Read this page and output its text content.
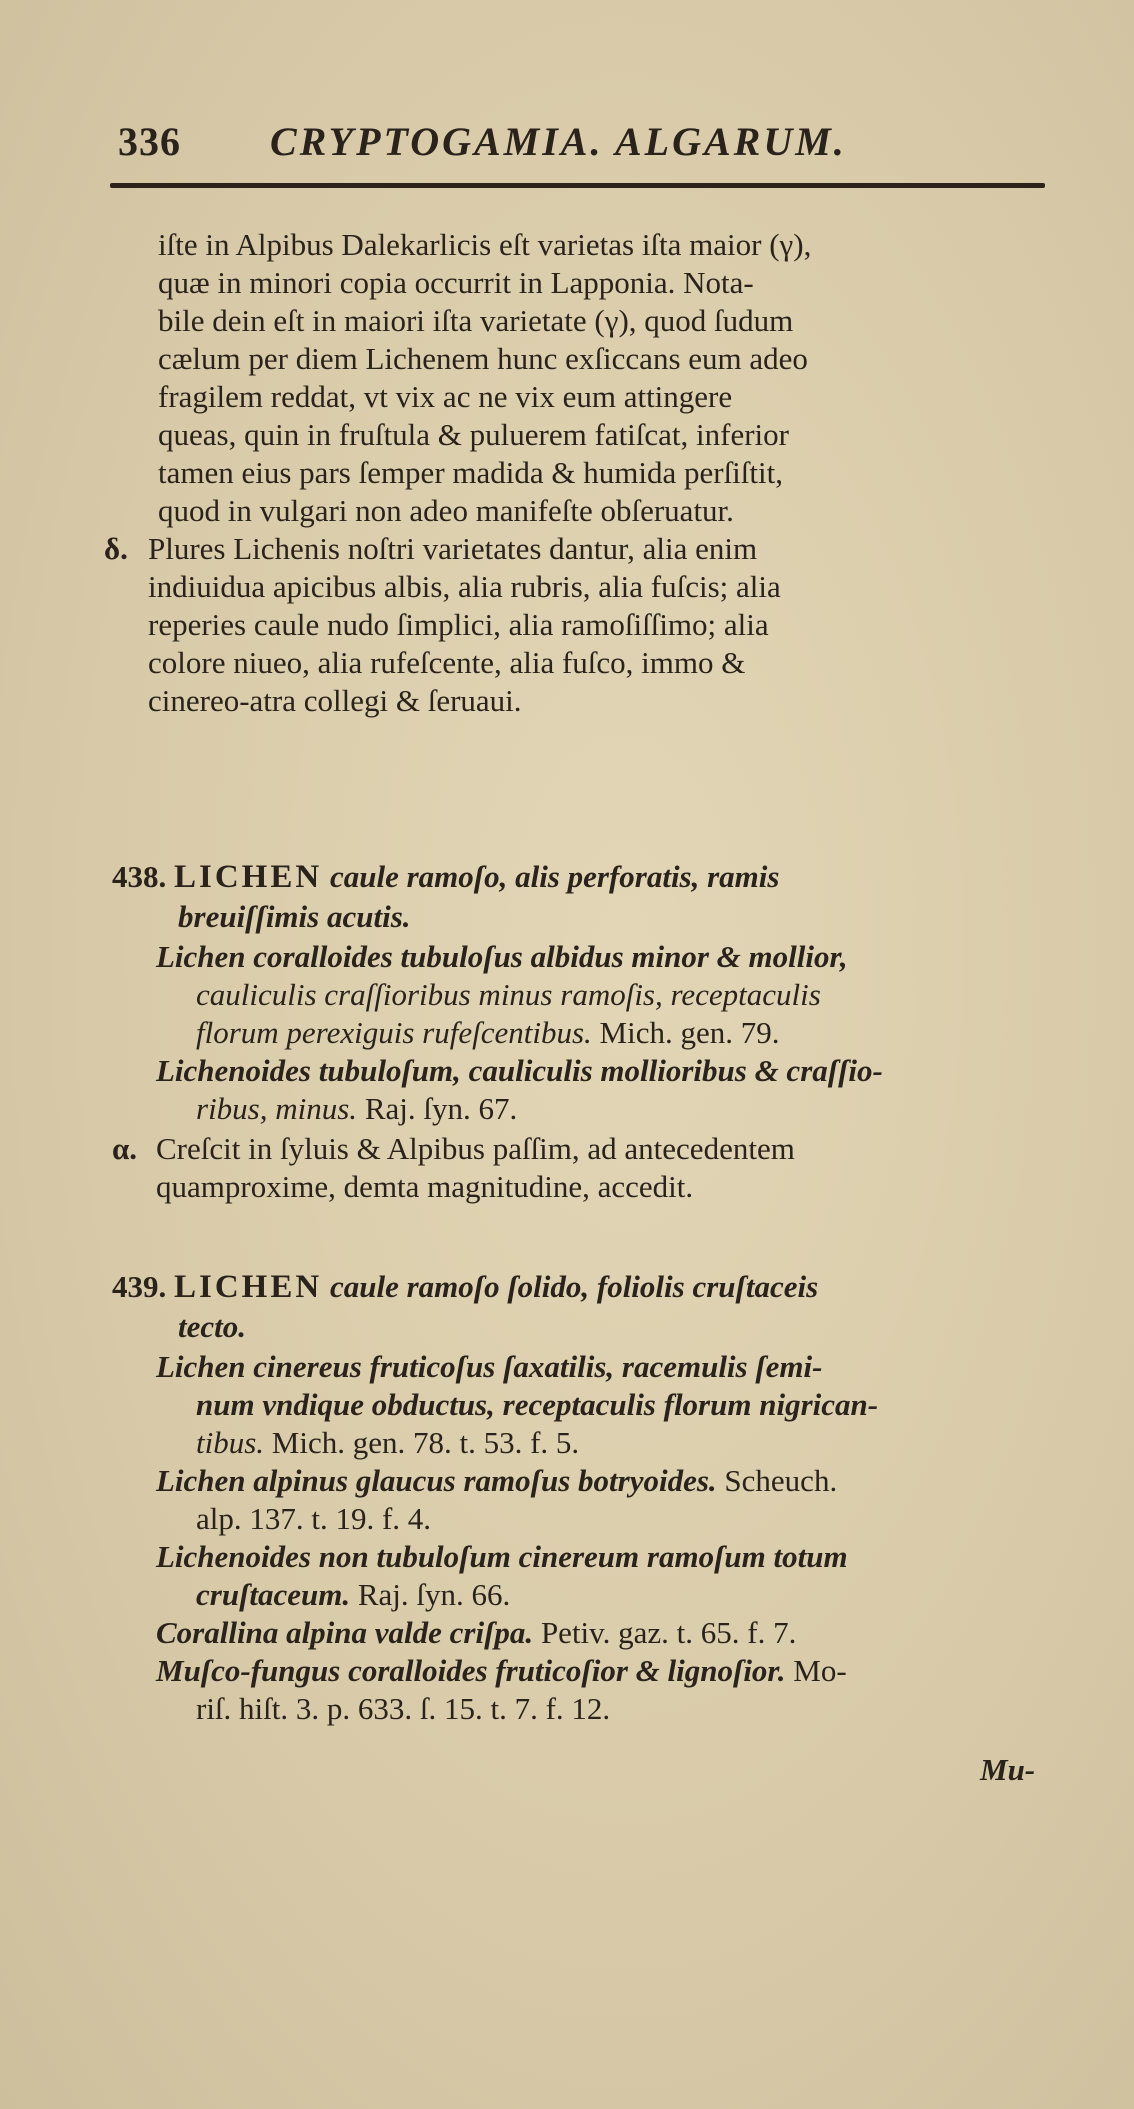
336 CRYPTOGAMIA. ALGARUM.
iſte in Alpibus Dalekarlicis eſt varietas iſta maior (γ),
quæ in minori copia occurrit in Lapponia. Nota-
bile dein eſt in maiori iſta varietate (γ), quod ſudum
cælum per diem Lichenem hunc exſiccans eum adeo
fragilem reddat, vt vix ac ne vix eum attingere
queas, quin in fruſtula & puluerem fatiſcat, inferior
tamen eius pars ſemper madida & humida perſiſtit,
quod in vulgari non adeo manifeſte obſeruatur.
δ. Plures Lichenis noſtri varietates dantur, alia enim
indiuidua apicibus albis, alia rubris, alia fuſcis; alia
reperies caule nudo ſimplici, alia ramoſiſſimo; alia
colore niueo, alia rufeſcente, alia fuſco, immo &
cinereo-atra collegi & ſeruaui.
438. LICHEN caule ramoſo, alis perforatis, ramis
breuiſſimis acutis.
Lichen coralloides tubuloſus albidus minor & mollior,
cauliculis craſſioribus minus ramoſis, receptaculis
florum perexiguis rufeſcentibus. Mich. gen. 79.
Lichenoides tubuloſum, cauliculis mollioribus & craſſio-
ribus, minus. Raj. ſyn. 67.
α. Creſcit in ſyluis & Alpibus paſſim, ad antecedentem
quamproxime, demta magnitudine, accedit.
439. LICHEN caule ramoſo ſolido, foliolis cruſtaceis
tecto.
Lichen cinereus fruticoſus ſaxatilis, racemulis ſemi-
num vndique obductus, receptaculis florum nigrican-
tibus. Mich. gen. 78. t. 53. f. 5.
Lichen alpinus glaucus ramoſus botryoides. Scheuch.
alp. 137. t. 19. f. 4.
Lichenoides non tubuloſum cinereum ramoſum totum
cruſtaceum. Raj. ſyn. 66.
Corallina alpina valde criſpa. Petiv. gaz. t. 65. f. 7.
Muſco-fungus coralloides fruticoſior & lignoſior. Mo-
riſ. hiſt. 3. p. 633. ſ. 15. t. 7. f. 12.
Mu-
